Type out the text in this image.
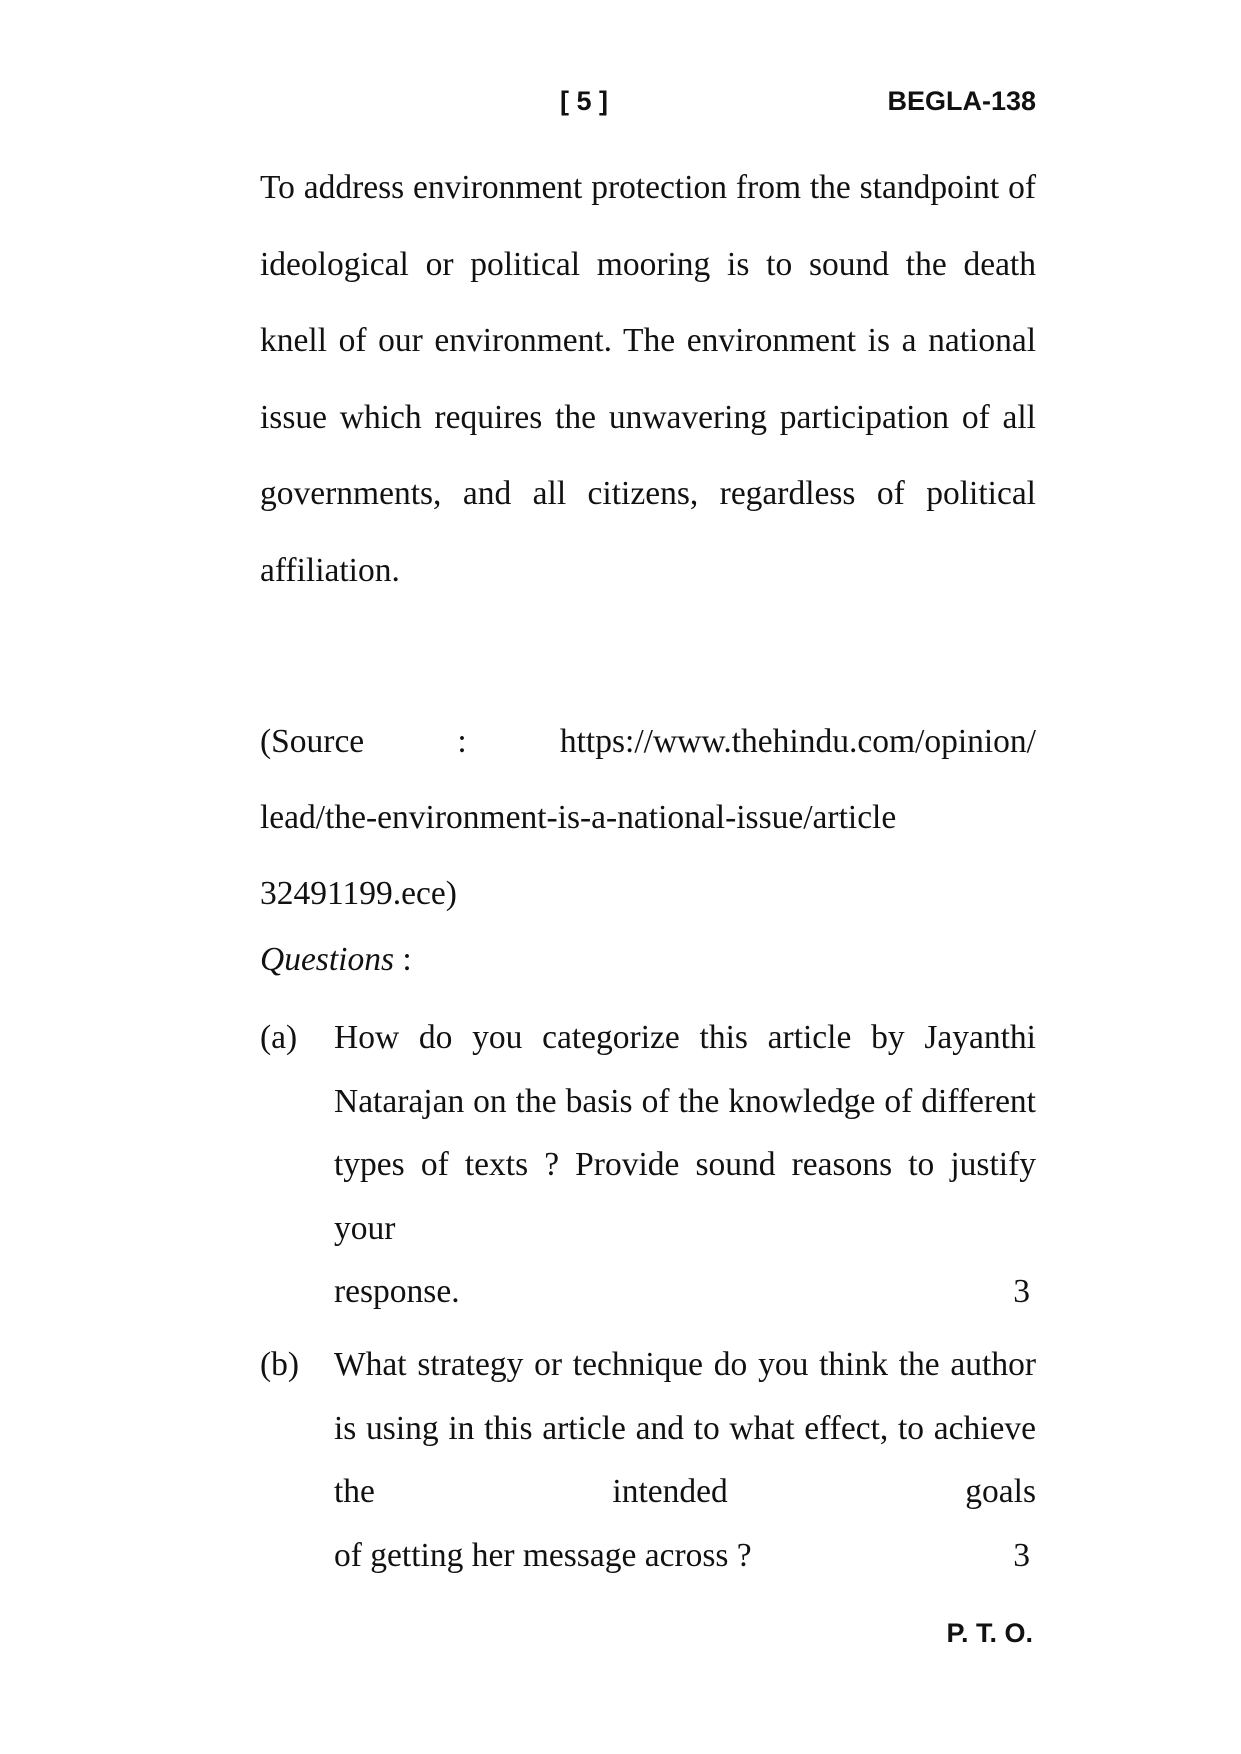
[ 5 ]	BEGLA-138

To address environment protection from the standpoint of ideological or political mooring is to sound the death knell of our environment. The environment is a national issue which requires the unwavering participation of all governments, and all citizens, regardless of political affiliation.

(Source	:	https://www.thehindu.com/opinion/
lead/the-environment-is-a-national-issue/article
32491199.ece)
Questions :
(a) How do you categorize this article by Jayanthi Natarajan on the basis of the knowledge of different types of texts ? Provide sound reasons to justify your
response.	3
(b) What strategy or technique do you think the author is using in this article and to what effect, to achieve the intended goals
of getting her message across ?	3
P. T. O.
